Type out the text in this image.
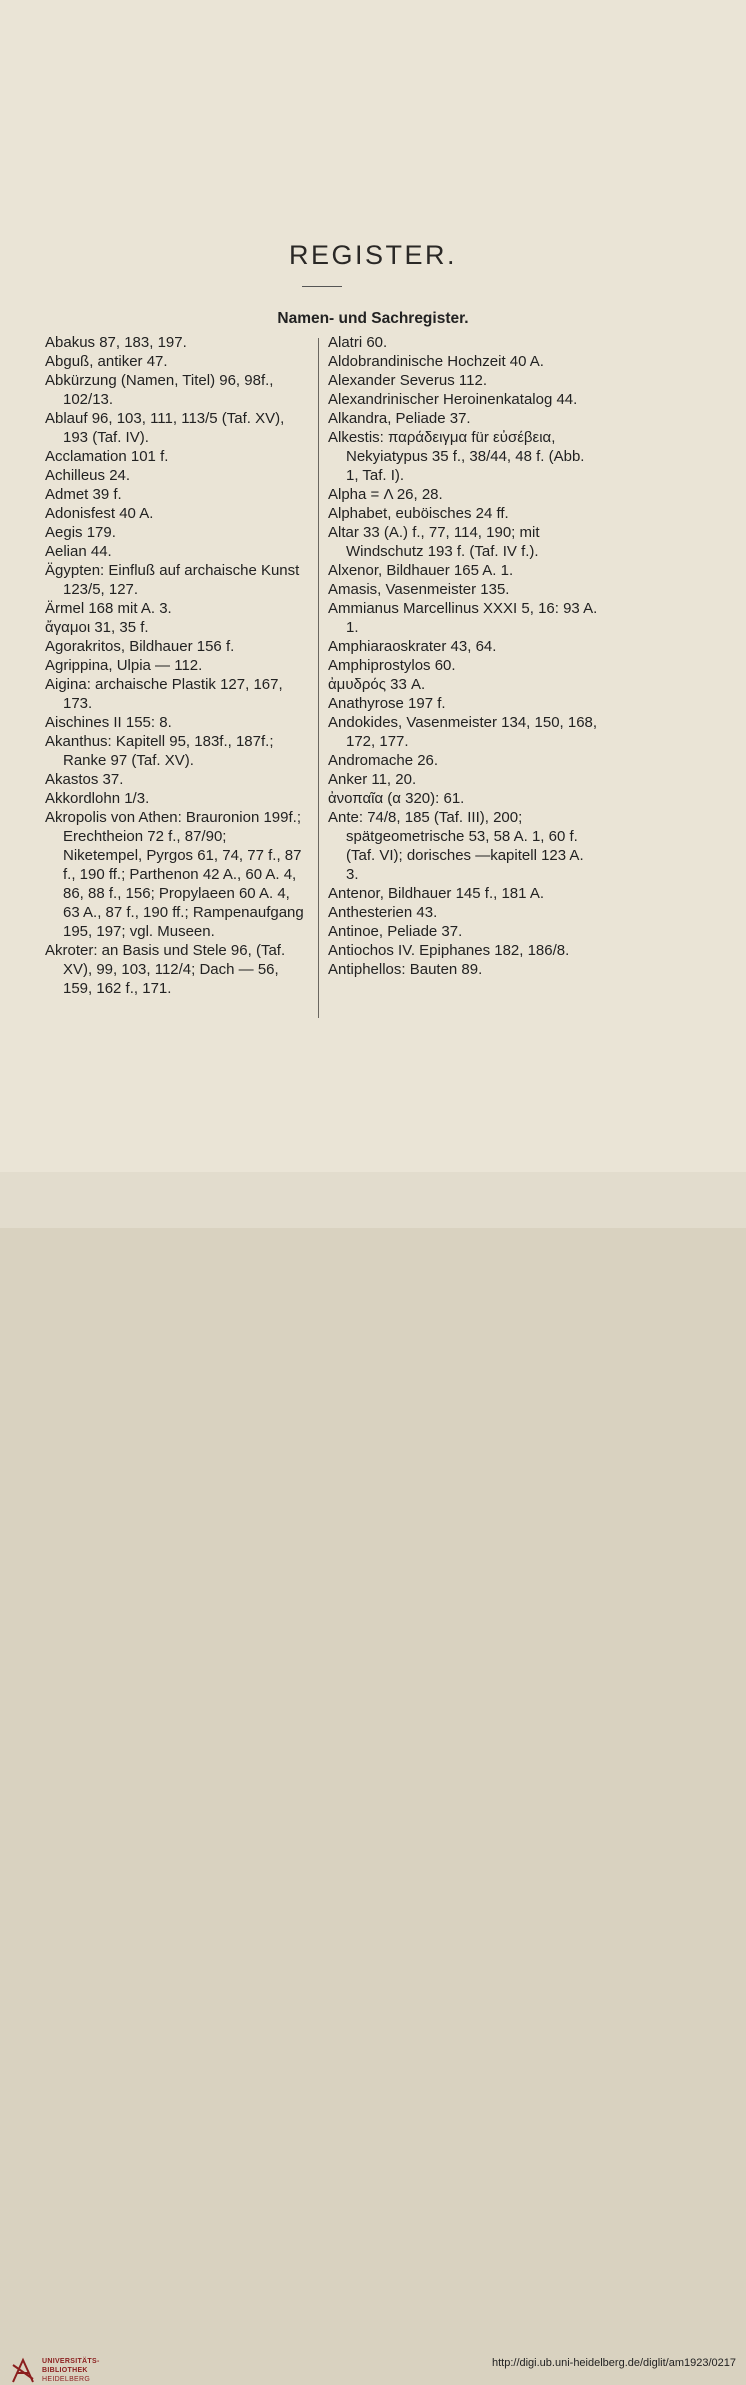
REGISTER.
Namen- und Sachregister.
Abakus 87, 183, 197.
Abguß, antiker 47.
Abkürzung (Namen, Titel) 96, 98f., 102/13.
Ablauf 96, 103, 111, 113/5 (Taf. XV), 193 (Taf. IV).
Acclamation 101 f.
Achilleus 24.
Admet 39 f.
Adonisfest 40 A.
Aegis 179.
Aelian 44.
Ägypten: Einfluß auf archaische Kunst 123/5, 127.
Ärmel 168 mit A. 3.
ἄγαμοι 31, 35 f.
Agorakritos, Bildhauer 156 f.
Agrippina, Ulpia — 112.
Aigina: archaische Plastik 127, 167, 173.
Aischines II 155: 8.
Akanthus: Kapitell 95, 183f., 187f.; Ranke 97 (Taf. XV).
Akastos 37.
Akkordlohn 1/3.
Akropolis von Athen: Brauronion 199f.; Erechtheion 72 f., 87/90; Niketempel, Pyrgos 61, 74, 77 f., 87 f., 190 ff.; Parthenon 42 A., 60 A. 4, 86, 88 f., 156; Propylaeen 60 A. 4, 63 A., 87 f., 190 ff.; Rampenaufgang 195, 197; vgl. Museen.
Akroter: an Basis und Stele 96, (Taf. XV), 99, 103, 112/4; Dach — 56, 159, 162 f., 171.
Alatri 60.
Aldobrandinische Hochzeit 40 A.
Alexander Severus 112.
Alexandrinischer Heroinenkatalog 44.
Alkandra, Peliade 37.
Alkestis: παράδειγμα für εὐσέβεια, Nekyiatypus 35 f., 38/44, 48 f. (Abb. 1, Taf. I).
Alpha = Λ 26, 28.
Alphabet, euböisches 24 ff.
Altar 33 (A.) f., 77, 114, 190; mit Windschutz 193 f. (Taf. IV f.).
Alxenor, Bildhauer 165 A. 1.
Amasis, Vasenmeister 135.
Ammianus Marcellinus XXXI 5, 16: 93 A. 1.
Amphiaraoskrater 43, 64.
Amphiprostylos 60.
ἀμυδρός 33 A.
Anathyrose 197 f.
Andokides, Vasenmeister 134, 150, 168, 172, 177.
Andromache 26.
Anker 11, 20.
ἀνοπαῖα (α 320): 61.
Ante: 74/8, 185 (Taf. III), 200; spätgeometrische 53, 58 A. 1, 60 f. (Taf. VI); dorisches —kapitell 123 A. 3.
Antenor, Bildhauer 145 f., 181 A.
Anthesterien 43.
Antinoe, Peliade 37.
Antiochos IV. Epiphanes 182, 186/8.
Antiphellos: Bauten 89.
UNIVERSITÄTS-
BIBLIOTHEK
HEIDELBERG
http://digi.ub.uni-heidelberg.de/diglit/am1923/0217
